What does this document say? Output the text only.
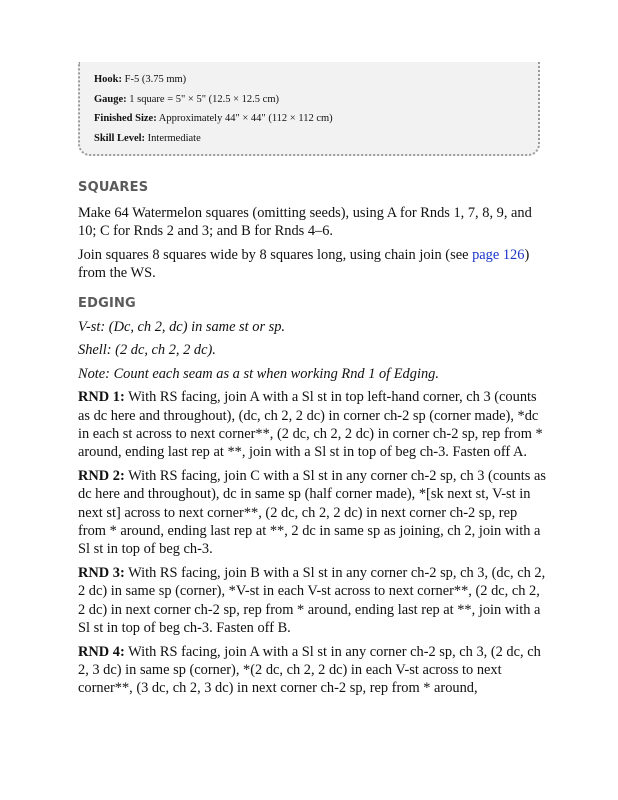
Hook: F-5 (3.75 mm)
Gauge: 1 square = 5" × 5" (12.5 × 12.5 cm)
Finished Size: Approximately 44" × 44" (112 × 112 cm)
Skill Level: Intermediate
SQUARES

Make 64 Watermelon squares (omitting seeds), using A for Rnds 1, 7, 8, 9, and 10; C for Rnds 2 and 3; and B for Rnds 4–6.

Join squares 8 squares wide by 8 squares long, using chain join (see page 126) from the WS.

EDGING

V-st: (Dc, ch 2, dc) in same st or sp.

Shell: (2 dc, ch 2, 2 dc).

Note: Count each seam as a st when working Rnd 1 of Edging.

RND 1: With RS facing, join A with a Sl st in top left-hand corner, ch 3 (counts as dc here and throughout), (dc, ch 2, 2 dc) in corner ch-2 sp (corner made), *dc in each st across to next corner**, (2 dc, ch 2, 2 dc) in corner ch-2 sp, rep from * around, ending last rep at **, join with a Sl st in top of beg ch-3. Fasten off A.

RND 2: With RS facing, join C with a Sl st in any corner ch-2 sp, ch 3 (counts as dc here and throughout), dc in same sp (half corner made), *[sk next st, V-st in next st] across to next corner**, (2 dc, ch 2, 2 dc) in next corner ch-2 sp, rep from * around, ending last rep at **, 2 dc in same sp as joining, ch 2, join with a Sl st in top of beg ch-3.

RND 3: With RS facing, join B with a Sl st in any corner ch-2 sp, ch 3, (dc, ch 2, 2 dc) in same sp (corner), *V-st in each V-st across to next corner**, (2 dc, ch 2, 2 dc) in next corner ch-2 sp, rep from * around, ending last rep at **, join with a Sl st in top of beg ch-3. Fasten off B.

RND 4: With RS facing, join A with a Sl st in any corner ch-2 sp, ch 3, (2 dc, ch 2, 3 dc) in same sp (corner), *(2 dc, ch 2, 2 dc) in each V-st across to next corner**, (3 dc, ch 2, 3 dc) in next corner ch-2 sp, rep from * around,
